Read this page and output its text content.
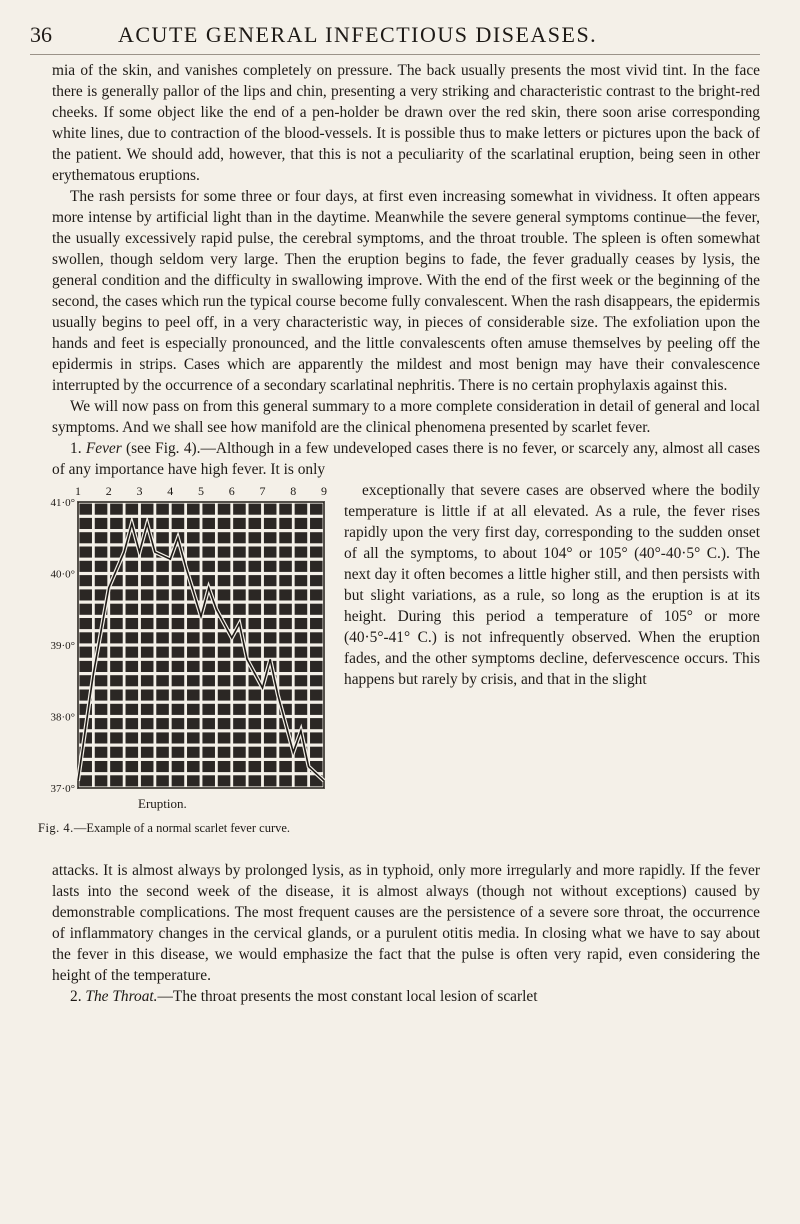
36	ACUTE GENERAL INFECTIOUS DISEASES.

mia of the skin, and vanishes completely on pressure. The back usually presents the most vivid tint. In the face there is generally pallor of the lips and chin, presenting a very striking and characteristic contrast to the bright-red cheeks. If some object like the end of a pen-holder be drawn over the red skin, there soon arise corresponding white lines, due to contraction of the blood-vessels. It is possible thus to make letters or pictures upon the back of the patient. We should add, however, that this is not a peculiarity of the scarlatinal eruption, being seen in other erythematous eruptions.

The rash persists for some three or four days, at first even increasing somewhat in vividness. It often appears more intense by artificial light than in the daytime. Meanwhile the severe general symptoms continue—the fever, the usually excessively rapid pulse, the cerebral symptoms, and the throat trouble. The spleen is often somewhat swollen, though seldom very large. Then the eruption begins to fade, the fever gradually ceases by lysis, the general condition and the difficulty in swallowing improve. With the end of the first week or the beginning of the second, the cases which run the typical course become fully convalescent. When the rash disappears, the epidermis usually begins to peel off, in a very characteristic way, in pieces of considerable size. The exfoliation upon the hands and feet is especially pronounced, and the little convalescents often amuse themselves by peeling off the epidermis in strips. Cases which are apparently the mildest and most benign may have their convalescence interrupted by the occurrence of a secondary scarlatinal nephritis. There is no certain prophylaxis against this.

We will now pass on from this general summary to a more complete consideration in detail of general and local symptoms. And we shall see how manifold are the clinical phenomena presented by scarlet fever.

1. Fever (see Fig. 4).—Although in a few undeveloped cases there is no fever, or scarcely any, almost all cases of any importance have high fever. It is only

1 2 3 4 5 6 7 8 9
41·0°
40·0°
39·0°
38·0°
37·0°
Eruption.
Fig. 4.—Example of a normal scarlet fever curve.

exceptionally that severe cases are observed where the bodily temperature is little if at all elevated. As a rule, the fever rises rapidly upon the very first day, corresponding to the sudden onset of all the symptoms, to about 104° or 105° (40°-40·5° C.). The next day it often becomes a little higher still, and then persists with but slight variations, as a rule, so long as the eruption is at its height. During this period a temperature of 105° or more (40·5°-41° C.) is not infrequently observed. When the eruption fades, and the other symptoms decline, defervescence occurs. This happens but rarely by crisis, and that in the slight

attacks. It is almost always by prolonged lysis, as in typhoid, only more irregularly and more rapidly. If the fever lasts into the second week of the disease, it is almost always (though not without exceptions) caused by demonstrable complications. The most frequent causes are the persistence of a severe sore throat, the occurrence of inflammatory changes in the cervical glands, or a purulent otitis media. In closing what we have to say about the fever in this disease, we would emphasize the fact that the pulse is often very rapid, even considering the height of the temperature.

2. The Throat.—The throat presents the most constant local lesion of scarlet
